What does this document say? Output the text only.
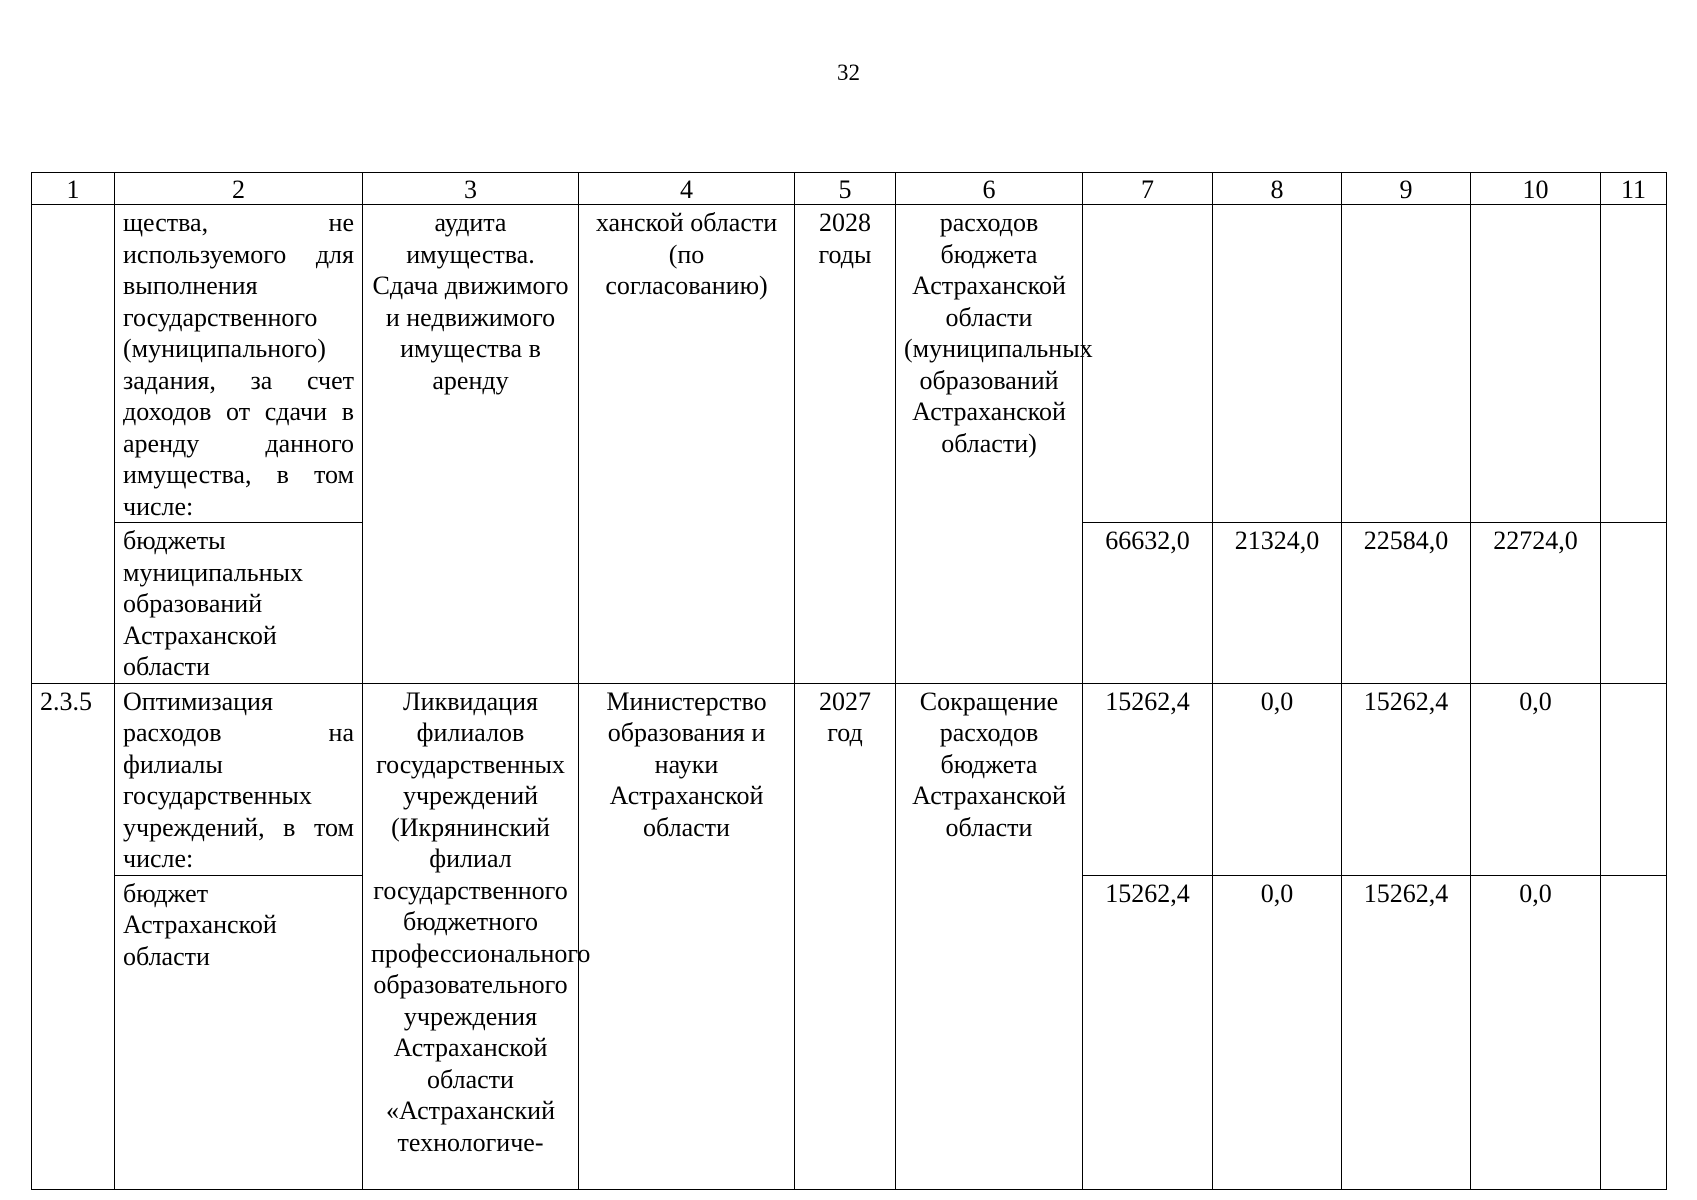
32
1	2	3	4	5	6	7	8	9	10	11
	щества, не используемого для выполнения государственного (муниципального) задания, за счет доходов от сдачи в аренду данного имущества, в том числе:	аудита имущества. Сдача движимого и недвижимого имущества в аренду	ханской области (по согласованию)	2028 годы	расходов бюджета Астраханской области (муниципальных образований Астраханской области)					
	бюджеты муниципальных образований Астраханской области					66632,0	21324,0	22584,0	22724,0	
2.3.5	Оптимизация расходов на филиалы государственных учреждений, в том числе:	Ликвидация филиалов государственных учреждений (Икрянинский филиал государственного бюджетного профессионального образовательного учреждения Астраханской области «Астраханский технологиче-	Министерство образования и науки Астраханской области	2027 год	Сокращение расходов бюджета Астраханской области	15262,4	0,0	15262,4	0,0	
	бюджет Астраханской области					15262,4	0,0	15262,4	0,0	
